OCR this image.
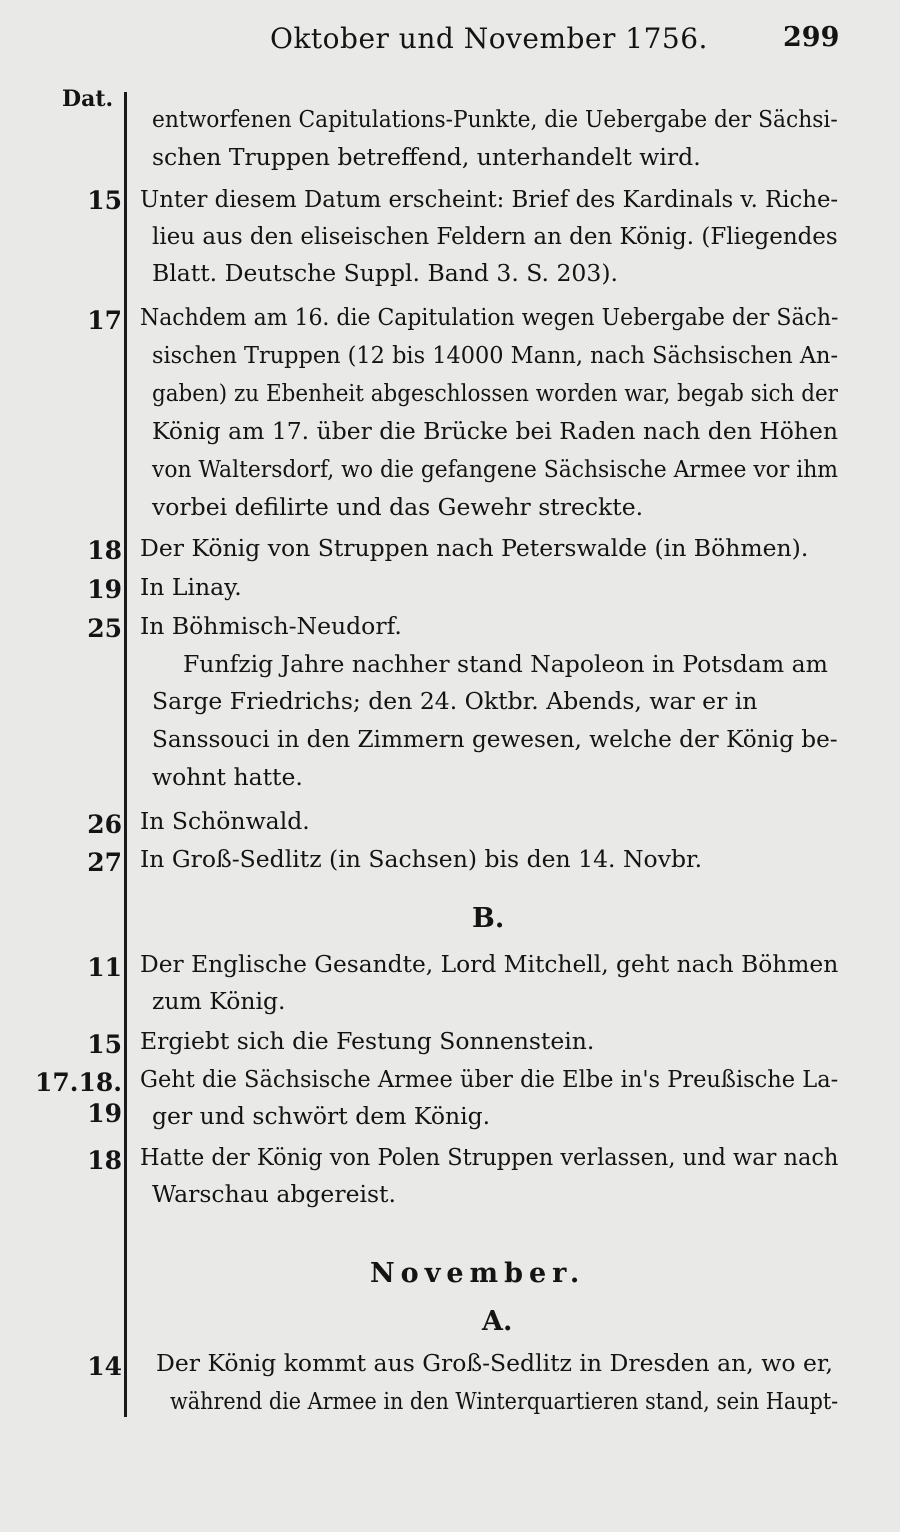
Oktober und November 1756.	299
Dat.
15
17
18
19
25
26
27
11
15
17.18.
19
18
14
entworfenen Capitulations-Punkte, die Uebergabe der Sächsi-
schen Truppen betreffend, unterhandelt wird.
Unter diesem Datum erscheint: Brief des Kardinals v. Riche-
lieu aus den eliseischen Feldern an den König. (Fliegendes
Blatt. Deutsche Suppl. Band 3. S. 203).
Nachdem am 16. die Capitulation wegen Uebergabe der Säch-
sischen Truppen (12 bis 14000 Mann, nach Sächsischen An-
gaben) zu Ebenheit abgeschlossen worden war, begab sich der
König am 17. über die Brücke bei Raden nach den Höhen
von Waltersdorf, wo die gefangene Sächsische Armee vor ihm
vorbei defilirte und das Gewehr streckte.
Der König von Struppen nach Peterswalde (in Böhmen).
In Linay.
In Böhmisch-Neudorf.
Funfzig Jahre nachher stand Napoleon in Potsdam am
Sarge Friedrichs; den 24. Oktbr. Abends, war er in
Sanssouci in den Zimmern gewesen, welche der König be-
wohnt hatte.
In Schönwald.
In Groß-Sedlitz (in Sachsen) bis den 14. Novbr.
B.
Der Englische Gesandte, Lord Mitchell, geht nach Böhmen
zum König.
Ergiebt sich die Festung Sonnenstein.
Geht die Sächsische Armee über die Elbe in's Preußische La-
ger und schwört dem König.
Hatte der König von Polen Struppen verlassen, und war nach
Warschau abgereist.
November.
A.
Der König kommt aus Groß-Sedlitz in Dresden an, wo er,
während die Armee in den Winterquartieren stand, sein Haupt-
